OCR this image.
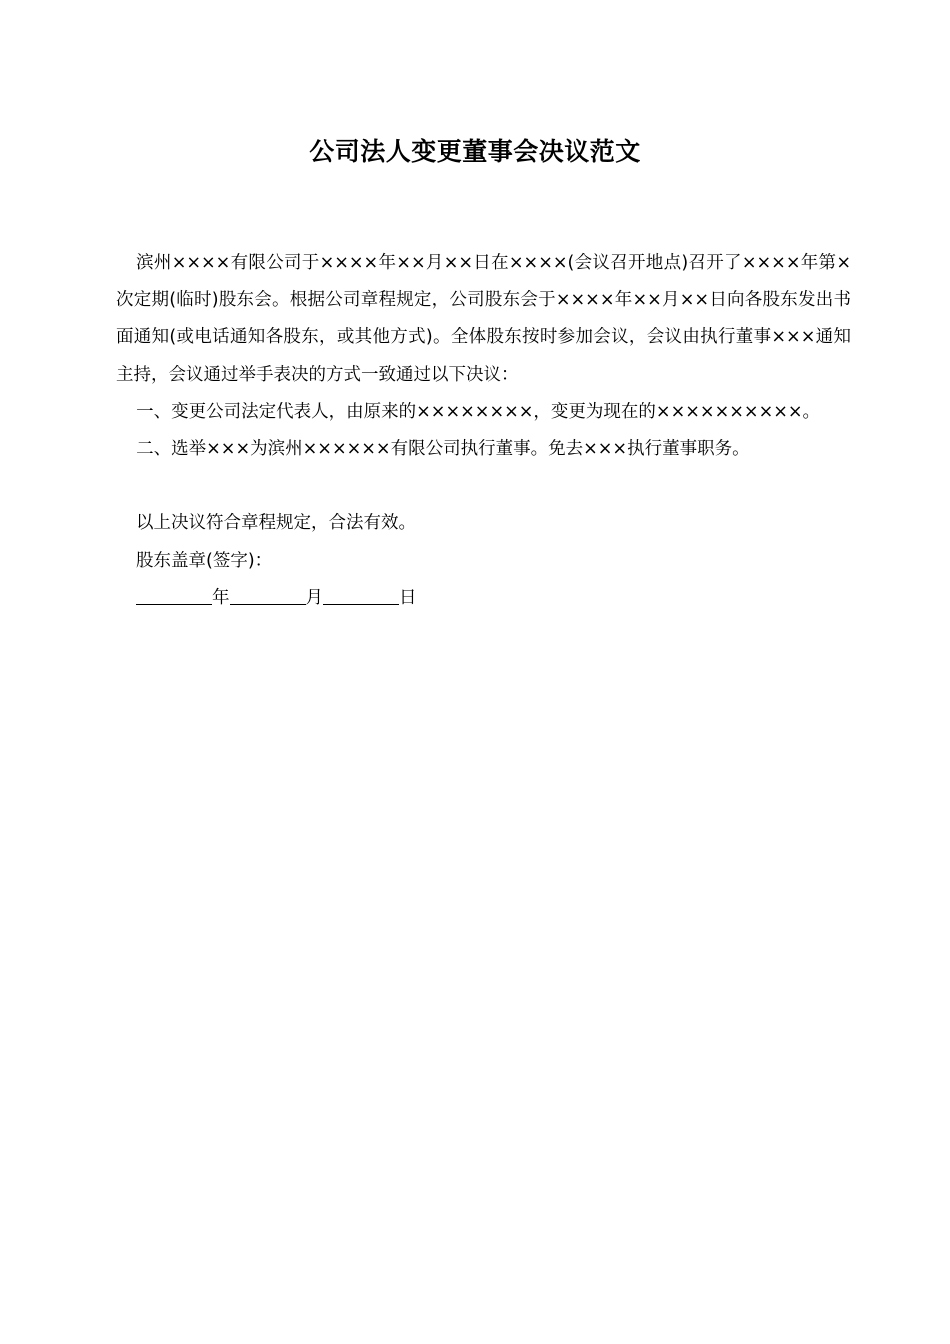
公司法人变更董事会决议范文

滨州××××有限公司于××××年××月××日在××××(会议召开地点)召开了××××年第×次定期(临时)股东会。根据公司章程规定，公司股东会于××××年××月××日向各股东发出书面通知(或电话通知各股东，或其他方式)。全体股东按时参加会议，会议由执行董事×××通知主持，会议通过举手表决的方式一致通过以下决议：

一、变更公司法定代表人，由原来的××××××××，变更为现在的××××××××××。

二、选举×××为滨州××××××有限公司执行董事。免去×××执行董事职务。

以上决议符合章程规定，合法有效。

股东盖章(签字)：

年	月	日
